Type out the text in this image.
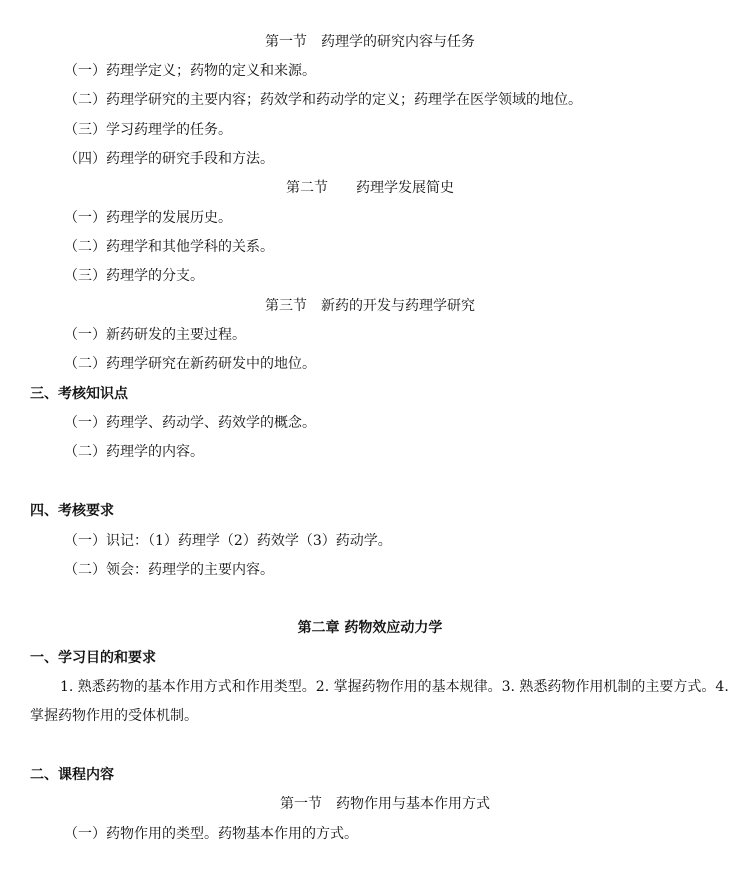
第一节　药理学的研究内容与任务
（一）药理学定义；药物的定义和来源。
（二）药理学研究的主要内容；药效学和药动学的定义；药理学在医学领域的地位。
（三）学习药理学的任务。
（四）药理学的研究手段和方法。
第二节　　药理学发展简史
（一）药理学的发展历史。
（二）药理学和其他学科的关系。
（三）药理学的分支。
第三节　新药的开发与药理学研究
（一）新药研发的主要过程。
（二）药理学研究在新药研发中的地位。
三、考核知识点
（一）药理学、药动学、药效学的概念。
（二）药理学的内容。
四、考核要求
（一）识记：（1）药理学（2）药效学（3）药动学。
（二）领会：药理学的主要内容。
第二章 药物效应动力学
一、学习目的和要求
1. 熟悉药物的基本作用方式和作用类型。2. 掌握药物作用的基本规律。3. 熟悉药物作用机制的主要方式。4. 掌握药物作用的受体机制。
二、课程内容
第一节　药物作用与基本作用方式
（一）药物作用的类型。药物基本作用的方式。
